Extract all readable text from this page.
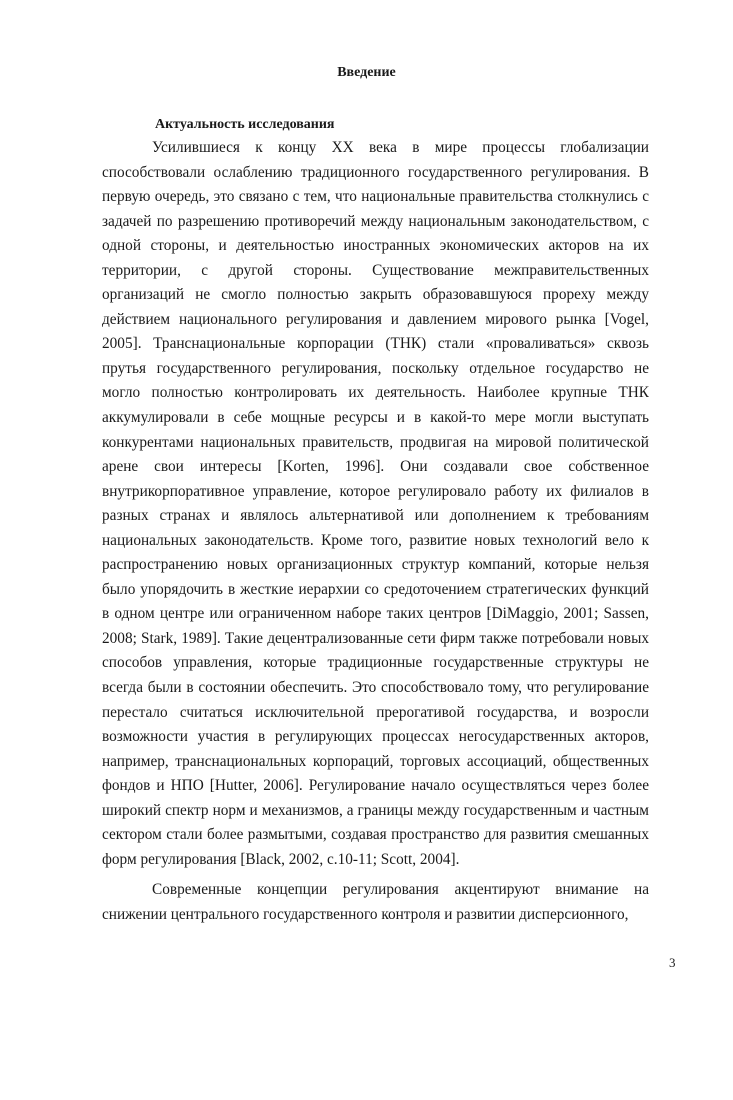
Введение
Актуальность исследования

Усилившиеся к концу XX века в мире процессы глобализации способствовали ослаблению традиционного государственного регулирования. В первую очередь, это связано с тем, что национальные правительства столкнулись с задачей по разрешению противоречий между национальным законодательством, с одной стороны, и деятельностью иностранных экономических акторов на их территории, с другой стороны. Существование межправительственных организаций не смогло полностью закрыть образовавшуюся прореху между действием национального регулирования и давлением мирового рынка [Vogel, 2005]. Транснациональные корпорации (ТНК) стали «проваливаться» сквозь прутья государственного регулирования, поскольку отдельное государство не могло полностью контролировать их деятельность. Наиболее крупные ТНК аккумулировали в себе мощные ресурсы и в какой-то мере могли выступать конкурентами национальных правительств, продвигая на мировой политической арене свои интересы [Korten, 1996]. Они создавали свое собственное внутрикорпоративное управление, которое регулировало работу их филиалов в разных странах и являлось альтернативой или дополнением к требованиям национальных законодательств. Кроме того, развитие новых технологий вело к распространению новых организационных структур компаний, которые нельзя было упорядочить в жесткие иерархии со средоточением стратегических функций в одном центре или ограниченном наборе таких центров [DiMaggio, 2001; Sassen, 2008; Stark, 1989]. Такие децентрализованные сети фирм также потребовали новых способов управления, которые традиционные государственные структуры не всегда были в состоянии обеспечить. Это способствовало тому, что регулирование перестало считаться исключительной прерогативой государства, и возросли возможности участия в регулирующих процессах негосударственных акторов, например, транснациональных корпораций, торговых ассоциаций, общественных фондов и НПО [Hutter, 2006]. Регулирование начало осуществляться через более широкий спектр норм и механизмов, а границы между государственным и частным сектором стали более размытыми, создавая пространство для развития смешанных форм регулирования [Black, 2002, с.10-11; Scott, 2004].

Современные концепции регулирования акцентируют внимание на снижении центрального государственного контроля и развитии дисперсионного,

3
